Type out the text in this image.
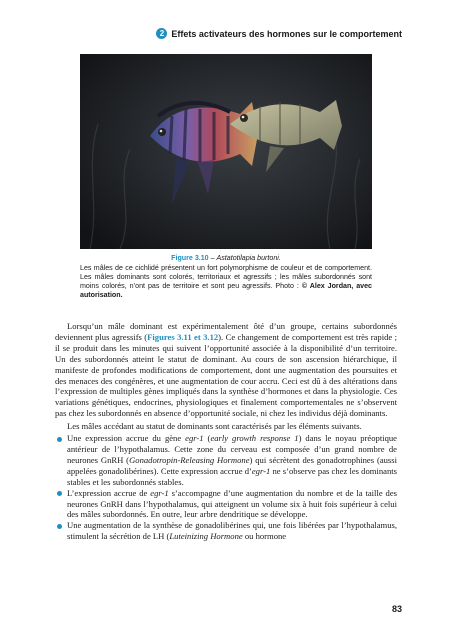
2 Effets activateurs des hormones sur le comportement
Figure 3.10 – Astatotilapia burtoni.
Les mâles de ce cichlidé présentent un fort polymorphisme de couleur et de comportement. Les mâles dominants sont colorés, territoriaux et agressifs ; les mâles subordonnés sont moins colorés, n’ont pas de territoire et sont peu agressifs. Photo : © Alex Jordan, avec autorisation.

Lorsqu’un mâle dominant est expérimentalement ôté d’un groupe, certains subordonnés deviennent plus agressifs (Figures 3.11 et 3.12). Ce changement de comportement est très rapide ; il se produit dans les minutes qui suivent l’opportunité associée à la disponibilité d’un territoire. Un des subordonnés atteint le statut de dominant. Au cours de son ascension hiérarchique, il manifeste de profondes modifications de comportement, dont une augmentation des poursuites et des menaces des congénères, et une augmentation de cour accru. Ceci est dû à des altérations dans l’expression de multiples gènes impliqués dans la synthèse d’hormones et dans la physiologie. Ces variations génétiques, endocrines, physiologiques et finalement comportementales ne s’observent pas chez les subordonnés en absence d’opportunité sociale, ni chez les individus déjà dominants.

Les mâles accédant au statut de dominants sont caractérisés par les éléments suivants.

Une expression accrue du gène egr-1 (early growth response 1) dans le noyau préoptique antérieur de l’hypothalamus. Cette zone du cerveau est composée d’un grand nombre de neurones GnRH (Gonadotropin-Releasing Hormone) qui sécrètent des gonadotrophines (aussi appelées gonadolibérines). Cette expression accrue d’egr-1 ne s’observe pas chez les dominants stables et les subordonnés stables.
L’expression accrue de egr-1 s’accompagne d’une augmentation du nombre et de la taille des neurones GnRH dans l’hypothalamus, qui atteignent un volume six à huit fois supérieur à celui des mâles subordonnés. En outre, leur arbre dendritique se développe.
Une augmentation de la synthèse de gonadolibérines qui, une fois libérées par l’hypothalamus, stimulent la sécrétion de LH (Luteinizing Hormone ou hormone
83
